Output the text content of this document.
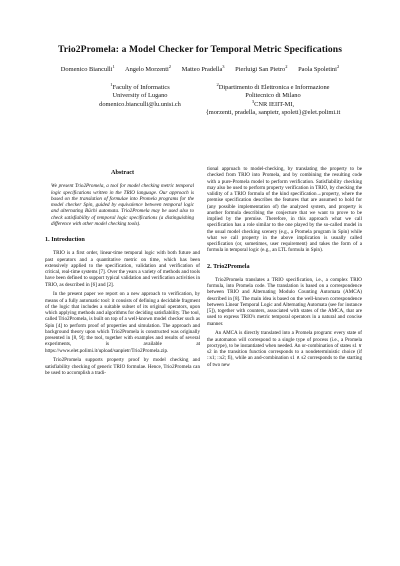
Trio2Promela: a Model Checker for Temporal Metric Specifications
Domenico Bianculli$^1$ Angelo Morzenti$^2$ Matteo Pradella$^3$ Pierluigi San Pietro$^2$ Paola Spoletini$^2$
$^1$Faculty of Informatics
University of Lugano
domenico.bianculli@lu.unisi.ch
$^2$Dipartimento di Elettronica e Informazione
Politecnico di Milano
$^3$CNR IEIIT-MI,
{morzenti, pradella, sanpietr, spoleti}@elet.polimi.it
Abstract
We present Trio2Promela, a tool for model checking metric temporal logic specifications written in the TRIO language. Our approach is based on the translation of formulae into Promela programs for the model checker Spin, guided by equivalence between temporal logic and alternating Büchi automata. Trio2Promela may be used also to check satisfiability of temporal logic specifications (a distinguishing difference with other model checking tools).
1. Introduction

TRIO is a first order, linear-time temporal logic with both future and past operators and a quantitative metric on time, which has been extensively applied to the specification, validation and verification of critical, real-time systems [7]. Over the years a variety of methods and tools have been defined to support typical validation and verification activities in TRIO, as described in [6] and [2].

In the present paper we report on a new approach to verification, by means of a fully automatic tool: it consists of defining a decidable fragment of the logic that includes a suitable subset of its original operators, upon which applying methods and algorithms for deciding satisfiability. The tool, called Trio2Promela, is built on top of a well-known model checker such as Spin [4] to perform proof of properties and simulation. The approach and background theory upon which Trio2Promela is constructed was originally presented in [8, 9]; the tool, together with examples and results of several experiments, is available at https://www.elet.polimi.it/upload/sanpietr/Trio2Promela.zip.

Trio2Promela supports property proof by model checking and satisfiability checking of generic TRIO formulae. Hence, Trio2Promela can be used to accomplish a tradi-

tional approach to model-checking, by translating the property to be checked from TRIO into Promela, and by combining the resulting code with a pure-Promela model to perform verification. Satisfiability checking may also be used to perform property verification in TRIO, by checking the validity of a TRIO formula of the kind specification→property, where the premise specification describes the features that are assumed to hold for (any possible implementation of) the analyzed system, and property is another formula describing the conjecture that we want to prove to be implied by the premise. Therefore, in this approach what we call specification has a role similar to the one played by the so-called model in the usual model checking scenery (e.g., a Promela program in Spin) while what we call property in the above implication is usually called specification (or, sometimes, user requirement) and takes the form of a formula in temporal logic (e.g., an LTL formula in Spin).

2. Trio2Promela

Trio2Promela translates a TRIO specification, i.e., a complex TRIO formula, into Promela code. The translation is based on a correspondence between TRIO and Alternating Modulo Counting Automata (AMCA) described in [8]. The main idea is based on the well-known correspondence between Linear Temporal Logic and Alternating Automata (see for instance [5]), together with counters, associated with states of the AMCA, that are used to express TRIO's metric temporal operators in a natural and concise manner.

An AMCA is directly translated into a Promela program: every state of the automaton will correspond to a single type of process (i.e., a Promela proctype), to be instantiated when needed. An or-combination of states s1 ∨ s2 in the transition function corresponds to a nondeterministic choice (if ::s1; ::s2; fi), while an and-combination s1 ∧ s2 corresponds to the starting of two new
